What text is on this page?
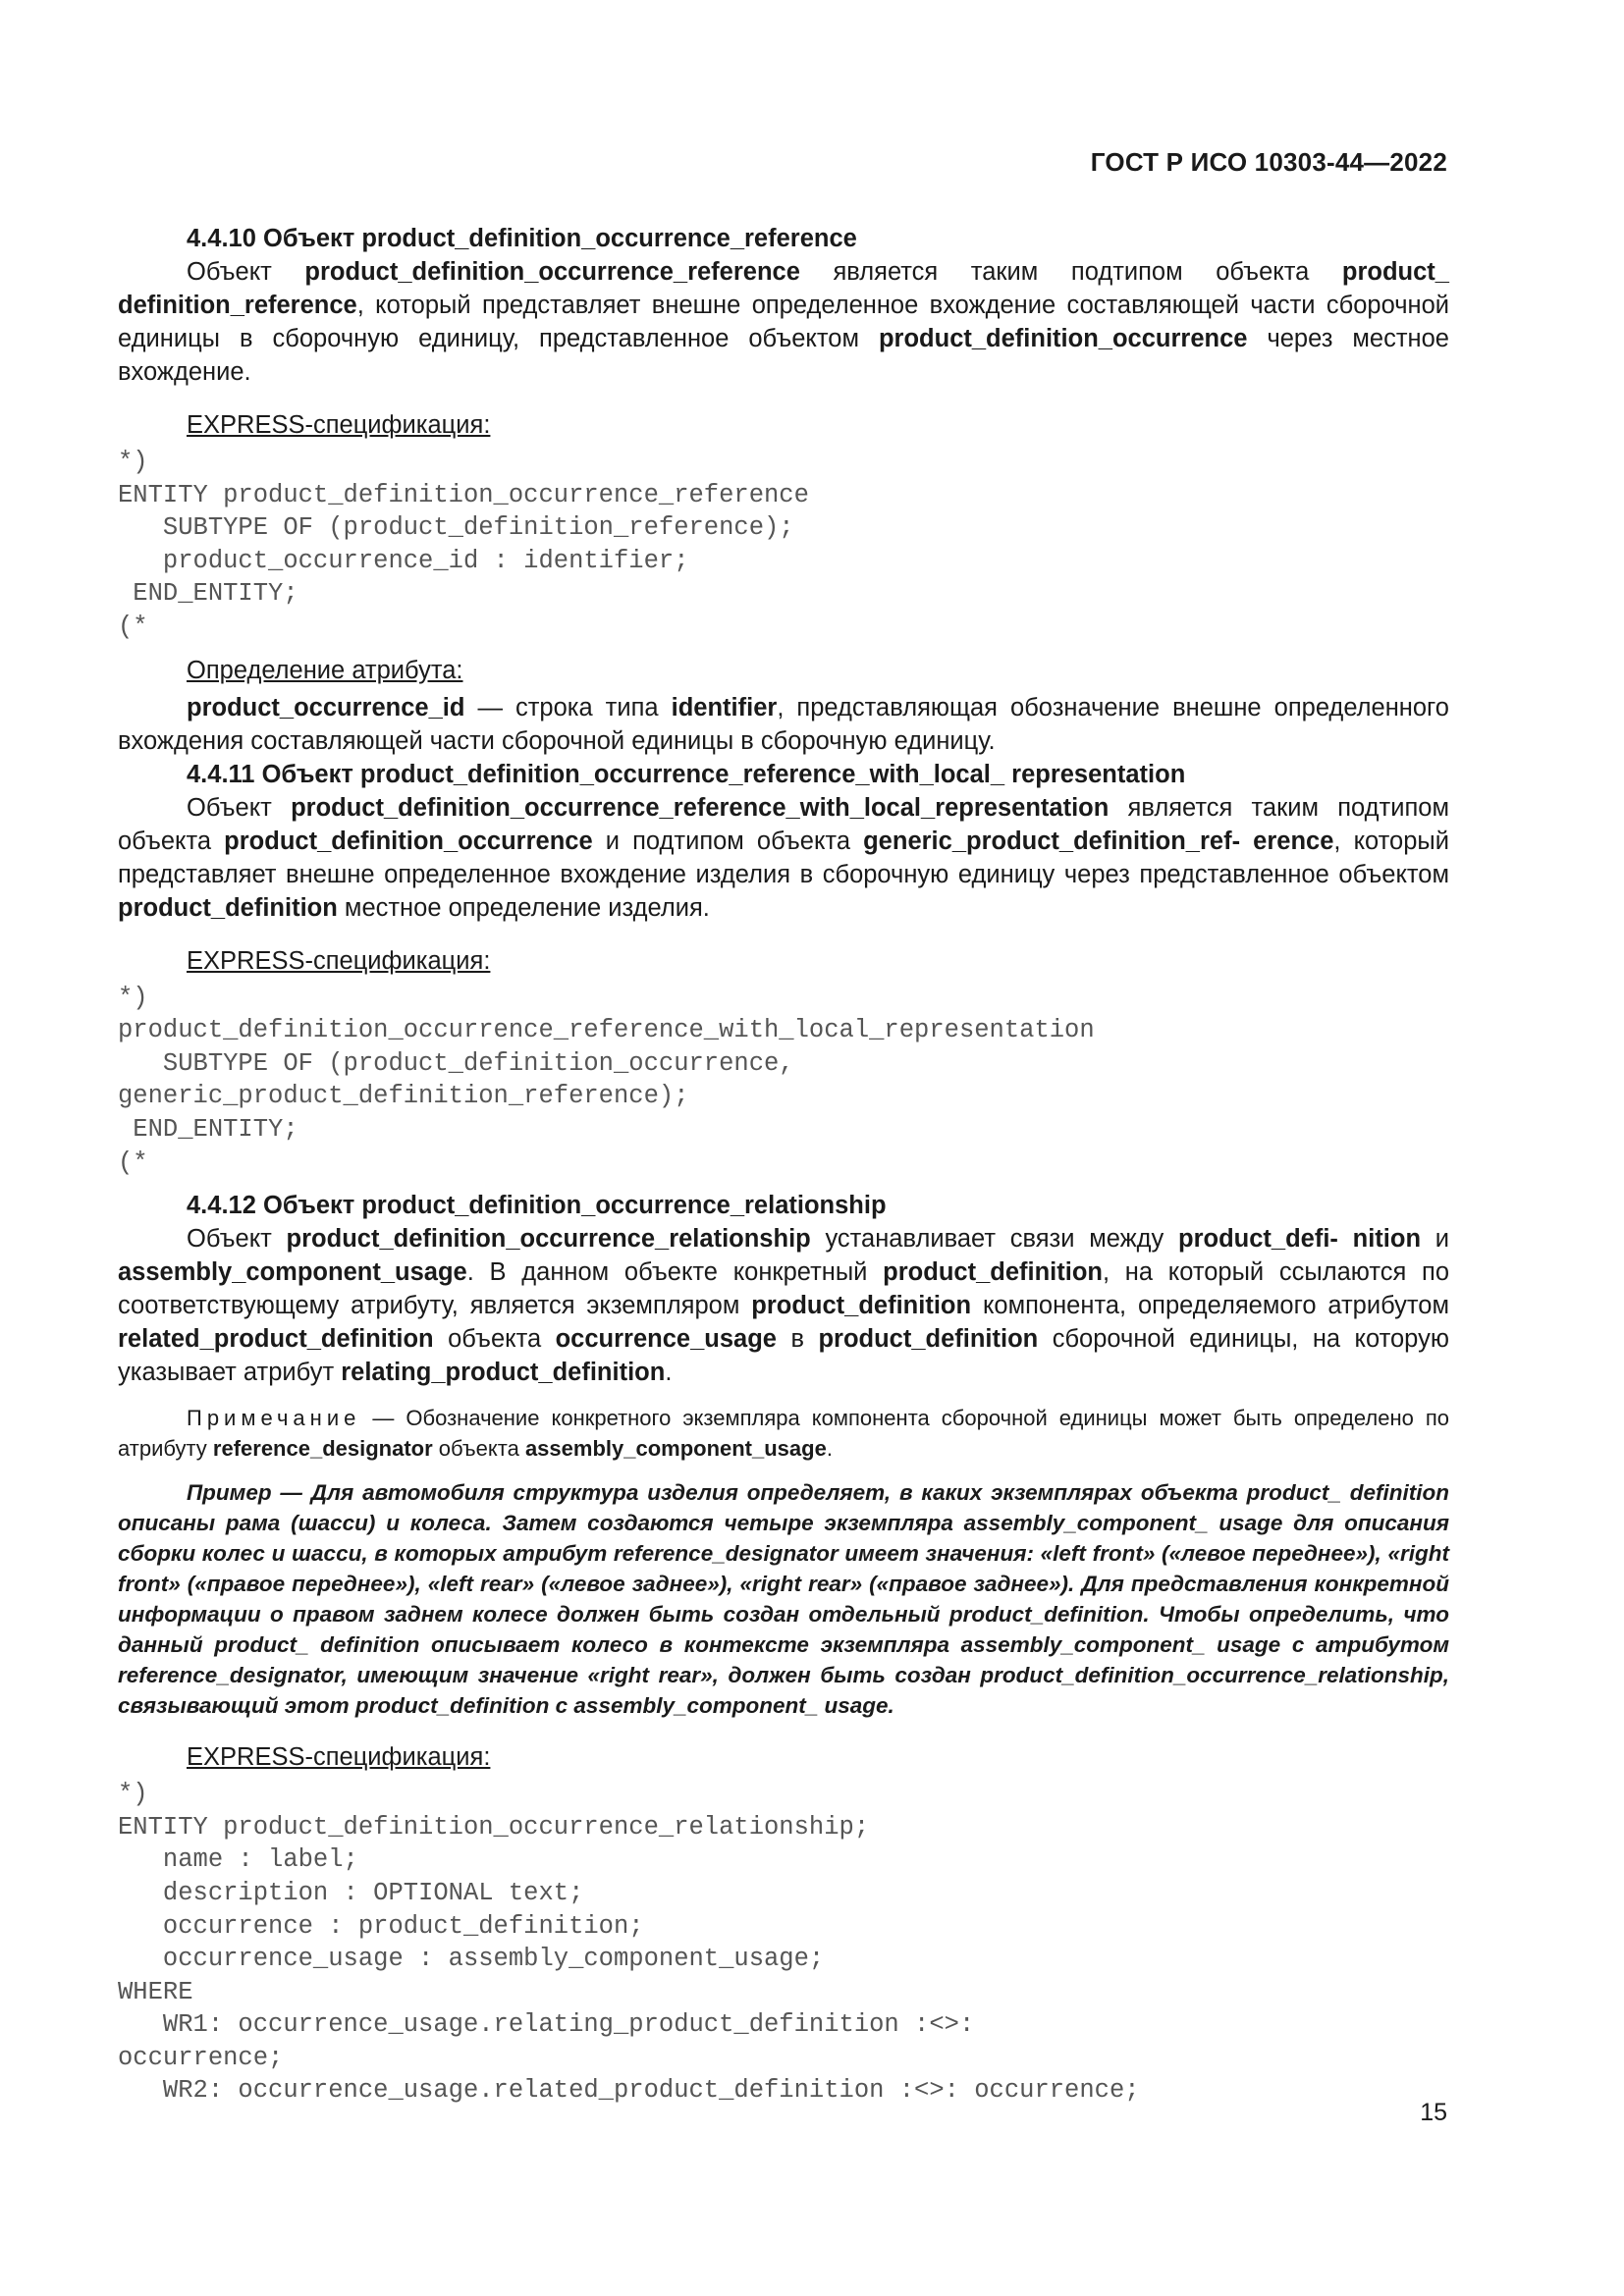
ГОСТ Р ИСО 10303-44—2022

4.4.10 Объект product_definition_occurrence_reference

Объект product_definition_occurrence_reference является таким подтипом объекта product_ definition_reference, который представляет внешне определенное вхождение составляющей части сборочной единицы в сборочную единицу, представленное объектом product_definition_occurrence через местное вхождение.

EXPRESS-спецификация:
*)
ENTITY product_definition_occurrence_reference
SUBTYPE OF (product_definition_reference);
product_occurrence_id : identifier;
END_ENTITY;
(*
Определение атрибута:

product_occurrence_id — строка типа identifier, представляющая обозначение внешне определенного вхождения составляющей части сборочной единицы в сборочную единицу.

4.4.11 Объект product_definition_occurrence_reference_with_local_ representation

Объект product_definition_occurrence_reference_with_local_representation является таким подтипом объекта product_definition_occurrence и подтипом объекта generic_product_definition_ref- erence, который представляет внешне определенное вхождение изделия в сборочную единицу через представленное объектом product_definition местное определение изделия.

EXPRESS-спецификация:
*)
product_definition_occurrence_reference_with_local_representation
SUBTYPE OF (product_definition_occurrence,
generic_product_definition_reference);
END_ENTITY;
(*

4.4.12 Объект product_definition_occurrence_relationship

Объект product_definition_occurrence_relationship устанавливает связи между product_defi- nition и assembly_component_usage. В данном объекте конкретный product_definition, на который ссылаются по соответствующему атрибуту, является экземпляром product_definition компонента, определяемого атрибутом related_product_definition объекта occurrence_usage в product_definition сборочной единицы, на которую указывает атрибут relating_product_definition.

Примечание — Обозначение конкретного экземпляра компонента сборочной единицы может быть определено по атрибуту reference_designator объекта assembly_component_usage.

Пример — Для автомобиля структура изделия определяет, в каких экземплярах объекта product_ definition описаны рама (шасси) и колеса. Затем создаются четыре экземпляра assembly_component_ usage для описания сборки колес и шасси, в которых атрибут reference_designator имеет значения: «left front» («левое переднее»), «right front» («правое переднее»), «left rear» («левое заднее»), «right rear» («правое заднее»). Для представления конкретной информации о правом заднем колесе должен быть создан отдельный product_definition. Чтобы определить, что данный product_ definition описывает колесо в контексте экземпляра assembly_component_ usage с атрибутом reference_designator, имеющим значение «right rear», должен быть создан product_definition_occurrence_relationship, связывающий этот product_definition с assembly_component_ usage.

EXPRESS-спецификация:
*)
ENTITY product_definition_occurrence_relationship;
name : label;
description : OPTIONAL text;
occurrence : product_definition;
occurrence_usage : assembly_component_usage;
WHERE
WR1: occurrence_usage.relating_product_definition :<>:
occurrence;
WR2: occurrence_usage.related_product_definition :<>: occurrence;
15
